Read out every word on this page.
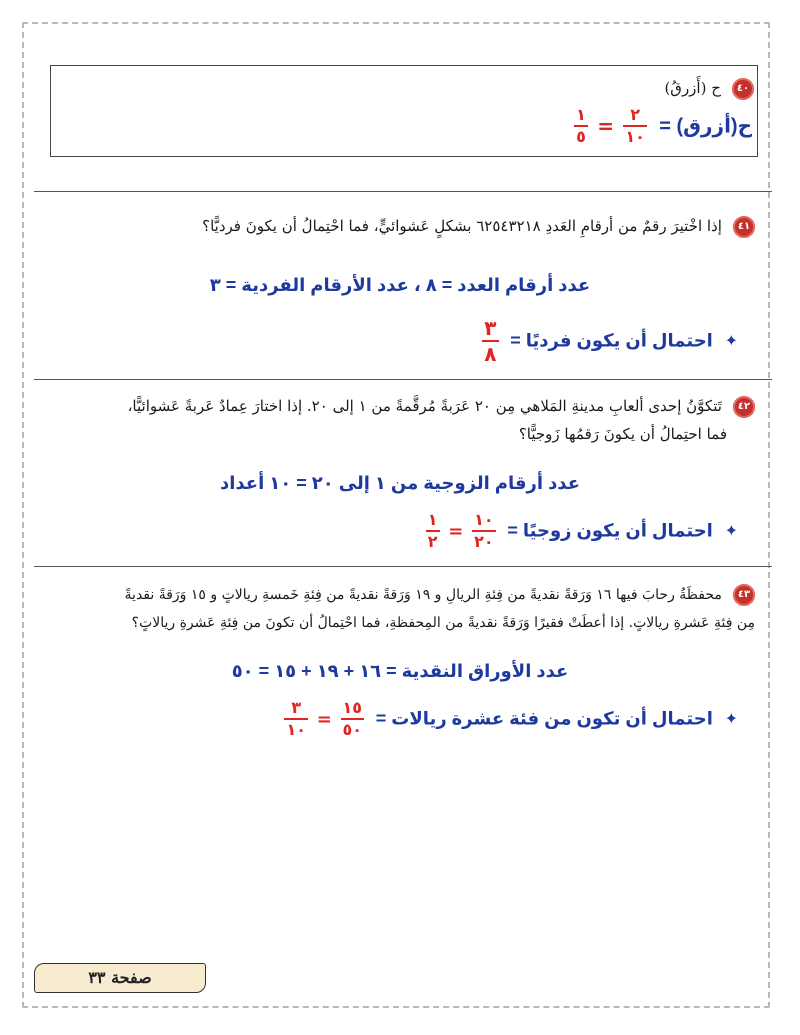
٤٠ ح (أَزرقُ)
ح(أزرق) =
$\frac{٢}{١٠}$
=
$\frac{١}{٥}$
٤١ إذا اخْتيرَ رقمٌ من أرقامِ العَددِ ٦٢٥٤٣٢١٨ بشكلٍ عَشوائيٍّ، فما احْتِمالُ أن يكونَ فرديًّا؟
عدد أرقام العدد = ٨ ، عدد الأرقام الفردية = ٣
✦ احتمال أن يكون فرديًا =
$\frac{٣}{٨}$
٤٢ تَتكوَّنُ إحدى ألعابِ مدينةِ المَلاهي مِن ٢٠ عَرَبةً مُرقَّمةً من ١ إلى ٢٠. إذا اختارَ عِمادٌ عَربةً عَشوائيًّا،
فما احتِمالُ أن يكونَ رَقمُها زَوجيًّا؟
عدد أرقام الزوجية من ١ إلى ٢٠ = ١٠ أعداد
✦ احتمال أن يكون زوجيًا =
$\frac{١٠}{٢٠}$
=
$\frac{١}{٢}$
٤٣ محفظَةُ رحابَ فيها ١٦ وَرَقةً نقديةً من فِئةِ الريالِ و ١٩ وَرَقةً نقديةً من فِئةِ خَمسةِ ريالاتٍ و ١٥ وَرَقةً نقديةً
مِن فِئةِ عَشرةِ ريالاتٍ. إذا أعطَتْ فقيرًا وَرَقةً نقديةً من المِحفظةِ، فما احْتِمالُ أن تكونَ من فِئةِ عَشرةِ ريالاتٍ؟
عدد الأوراق النقدية = ١٦ + ١٩ + ١٥ = ٥٠
✦ احتمال أن تكون من فئة عشرة ريالات =
$\frac{١٥}{٥٠}$
=
$\frac{٣}{١٠}$
صفحة ٣٣
